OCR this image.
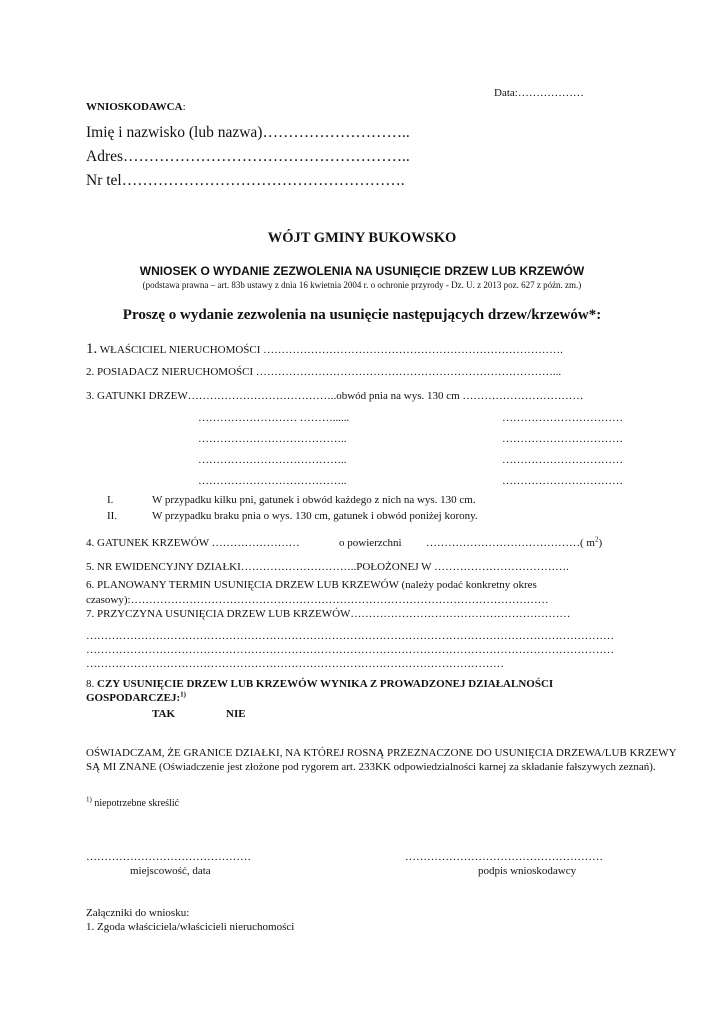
Data:………………
WNIOSKODAWCA:
Imię i nazwisko (lub nazwa)………………………..
Adres………………………………………………..
Nr tel……………………………………………….
WÓJT GMINY BUKOWSKO
WNIOSEK O WYDANIE ZEZWOLENIA NA USUNIĘCIE DRZEW LUB KRZEWÓW
(podstawa prawna – art. 83b ustawy z dnia 16 kwietnia 2004 r. o ochronie przyrody - Dz. U. z 2013 poz. 627 z późn. zm.)
Proszę o wydanie zezwolenia na usunięcie następujących drzew/krzewów*:
1. WŁAŚCICIEL NIERUCHOMOŚCI ……………………………………………………………………….
2. POSIADACZ NIERUCHOMOŚCI ………………………………………………………………………...
3. GATUNKI DRZEW…………………………………..obwód pnia na wys. 130 cm ……………………………
……………………… ………......	……………………………
…………………………………..	……………………………
…………………………………..	……………………………
…………………………………..	……………………………
I.	W przypadku kilku pni, gatunek i obwód każdego z nich na wys. 130 cm.
II.	W przypadku braku pnia o wys. 130 cm, gatunek i obwód poniżej korony.
4. GATUNEK KRZEWÓW ……………………	o powierzchni ……………………………………( $m^2$)
5. NR EWIDENCYJNY DZIAŁKI…………………………..POŁOŻONEJ W ……………………………….
6. PLANOWANY TERMIN USUNIĘCIA DRZEW LUB KRZEWÓW (należy podać konkretny okres
czasowy):……………………………………………………………………………………………………
7. PRZYCZYNA USUNIĘCIA DRZEW LUB KRZEWÓW……………………………………………………
………………………………………………………………………………………………………………………………
………………………………………………………………………………………………………………………………
……………………………………………………………………………………………………
8. CZY USUNIĘCIE DRZEW LUB KRZEWÓW WYNIKA Z PROWADZONEJ DZIAŁALNOŚCI
GOSPODARCZEJ:$^{1)}$
TAK	NIE
OŚWIADCZAM, ŻE GRANICE DZIAŁKI, NA KTÓREJ ROSNĄ PRZEZNACZONE DO USUNIĘCIA DRZEWA/LUB KRZEWY
SĄ MI ZNANE (Oświadczenie jest złożone pod rygorem art. 233KK odpowiedzialności karnej za składanie fałszywych zeznań).
$^{1)}$ niepotrzebne skreślić
………………………………………
miejscowość, data
………………………………………………
podpis wnioskodawcy
Załączniki do wniosku:
1. Zgoda właściciela/właścicieli nieruchomości
